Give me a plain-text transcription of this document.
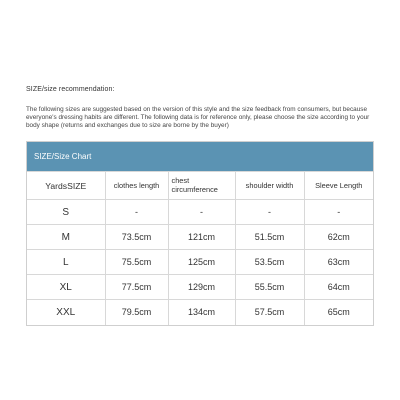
SIZE/size recommendation:
The following sizes are suggested based on the version of this style and the size feedback from consumers, but because everyone's dressing habits are different. The following data is for reference only, please choose the size according to your body shape (returns and exchanges due to size are borne by the buyer)
SIZE/Size Chart
YardsSIZE	clothes length	chest circumference	shoulder width	Sleeve Length
S	-	-	-	-
M	73.5cm	121cm	51.5cm	62cm
L	75.5cm	125cm	53.5cm	63cm
XL	77.5cm	129cm	55.5cm	64cm
XXL	79.5cm	134cm	57.5cm	65cm
